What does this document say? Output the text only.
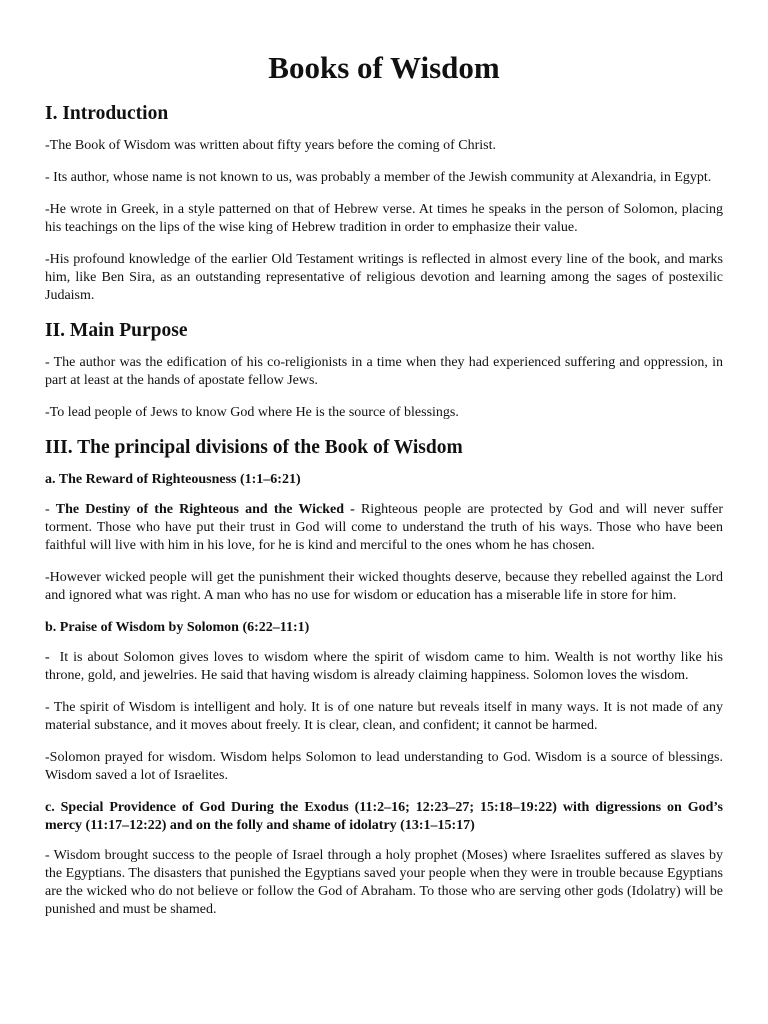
Books of Wisdom
I. Introduction

-The Book of Wisdom was written about fifty years before the coming of Christ.

- Its author, whose name is not known to us, was probably a member of the Jewish community at Alexandria, in Egypt.

-He wrote in Greek, in a style patterned on that of Hebrew verse. At times he speaks in the person of Solomon, placing his teachings on the lips of the wise king of Hebrew tradition in order to emphasize their value.

-His profound knowledge of the earlier Old Testament writings is reflected in almost every line of the book, and marks him, like Ben Sira, as an outstanding representative of religious devotion and learning among the sages of postexilic Judaism.

II. Main Purpose

- The author was the edification of his co-religionists in a time when they had experienced suffering and oppression, in part at least at the hands of apostate fellow Jews.

-To lead people of Jews to know God where He is the source of blessings.

III. The principal divisions of the Book of Wisdom
a. The Reward of Righteousness (1:1–6:21)

- The Destiny of the Righteous and the Wicked - Righteous people are protected by God and will never suffer torment. Those who have put their trust in God will come to understand the truth of his ways. Those who have been faithful will live with him in his love, for he is kind and merciful to the ones whom he has chosen.

-However wicked people will get the punishment their wicked thoughts deserve, because they rebelled against the Lord and ignored what was right. A man who has no use for wisdom or education has a miserable life in store for him.

b. Praise of Wisdom by Solomon (6:22–11:1)

-  It is about Solomon gives loves to wisdom where the spirit of wisdom came to him. Wealth is not worthy like his throne, gold, and jewelries. He said that having wisdom is already claiming happiness. Solomon loves the wisdom.

- The spirit of Wisdom is intelligent and holy. It is of one nature but reveals itself in many ways. It is not made of any material substance, and it moves about freely. It is clear, clean, and confident; it cannot be harmed.

-Solomon prayed for wisdom. Wisdom helps Solomon to lead understanding to God. Wisdom is a source of blessings. Wisdom saved a lot of Israelites.

c. Special Providence of God During the Exodus (11:2–16; 12:23–27; 15:18–19:22) with digressions on God’s mercy (11:17–12:22) and on the folly and shame of idolatry (13:1–15:17)

- Wisdom brought success to the people of Israel through a holy prophet (Moses) where Israelites suffered as slaves by the Egyptians. The disasters that punished the Egyptians saved your people when they were in trouble because Egyptians are the wicked who do not believe or follow the God of Abraham. To those who are serving other gods (Idolatry) will be punished and must be shamed.
